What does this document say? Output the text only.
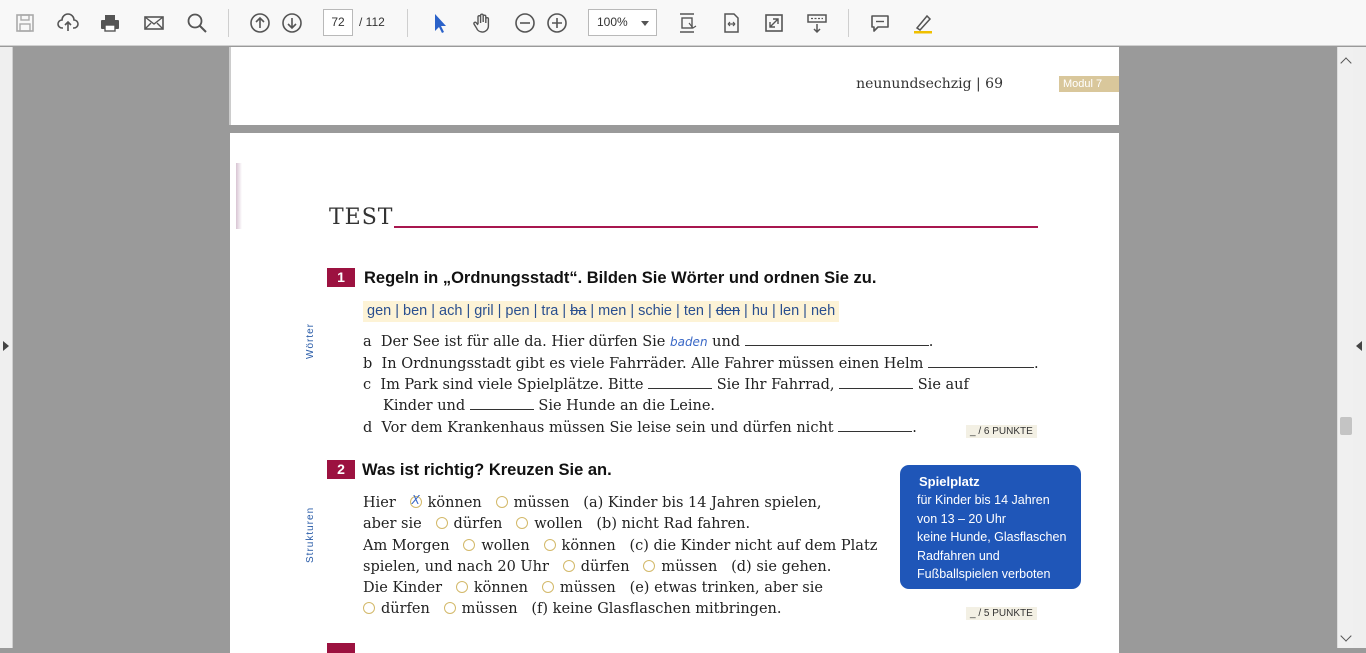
72	/ 112	100%
neunundsechzig | 69	Modul 7
TEST
1	Regeln in „Ordnungsstadt“. Bilden Sie Wörter und ordnen Sie zu.
gen | ben | ach | gril | pen | tra | ba | men | schie | ten | den | hu | len | neh
Wörter	a Der See ist für alle da. Hier dürfen Sie baden und	.
b In Ordnungsstadt gibt es viele Fahrräder. Alle Fahrer müssen einen Helm	.
c Im Park sind viele Spielplätze. Bitte	Sie Ihr Fahrrad,	Sie auf
Kinder und	Sie Hunde an die Leine.
d Vor dem Krankenhaus müssen Sie leise sein und dürfen nicht	.	_ / 6 PUNKTE
2	Was ist richtig? Kreuzen Sie an.
Strukturen
Hier   X können müssen (a) Kinder bis 14 Jahren spielen,
aber sie dürfen wollen (b) nicht Rad fahren.
Am Morgen wollen können (c) die Kinder nicht auf dem Platz
spielen, und nach 20 Uhr dürfen müssen (d) sie gehen.
Die Kinder können müssen (e) etwas trinken, aber sie
dürfen müssen (f) keine Glasflaschen mitbringen.
Spielplatz
für Kinder bis 14 Jahren
von 13 – 20 Uhr
keine Hunde, Glasflaschen
Radfahren und
Fußballspielen verboten
_ / 5 PUNKTE
